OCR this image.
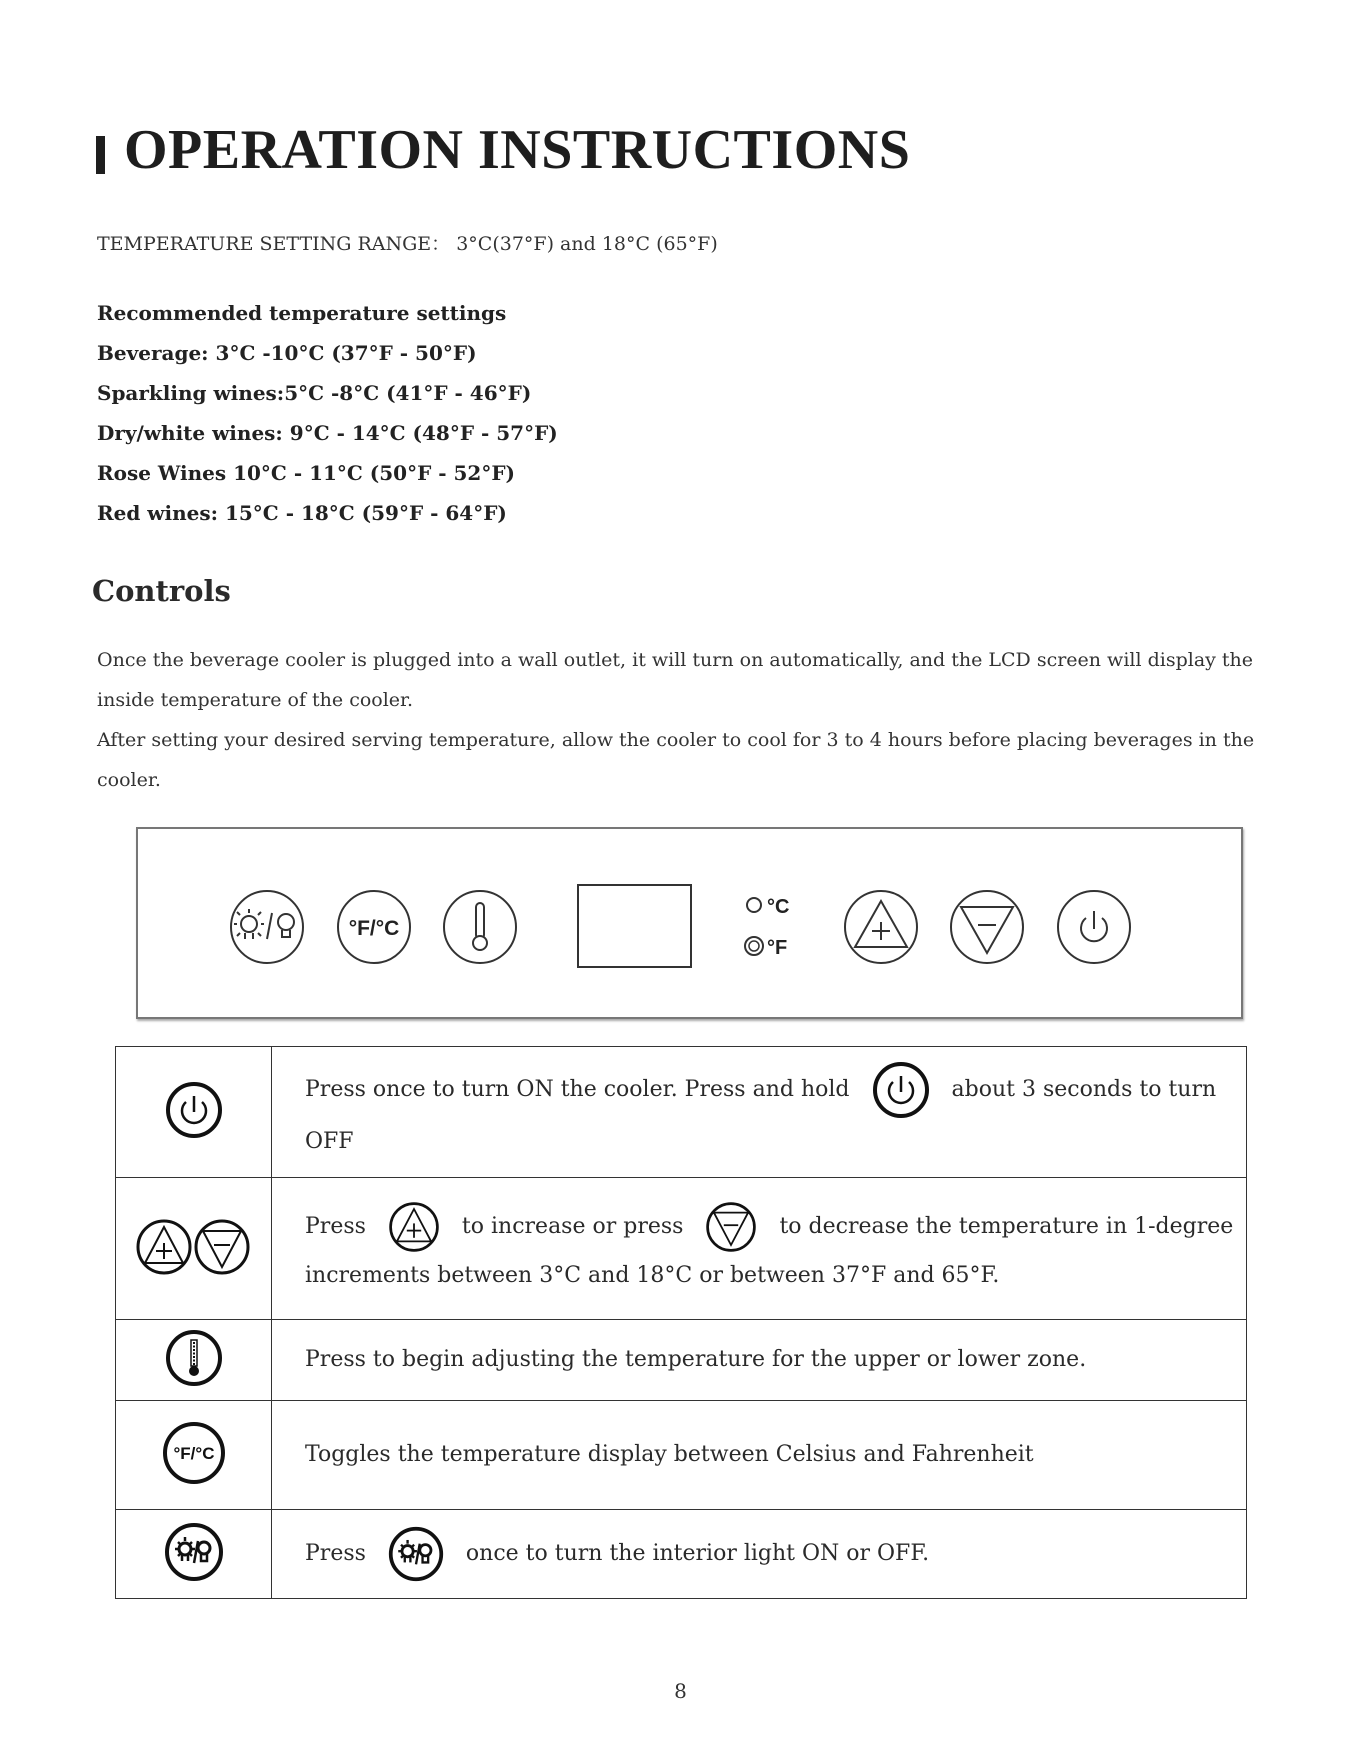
OPERATION INSTRUCTIONS
TEMPERATURE SETTING RANGE： 3°C(37°F) and 18°C (65°F)
Recommended temperature settings
Beverage: 3°C -10°C (37°F - 50°F)
Sparkling wines:5°C -8°C (41°F - 46°F)
Dry/white wines: 9°C - 14°C (48°F - 57°F)
Rose Wines 10°C - 11°C (50°F - 52°F)
Red wines: 15°C - 18°C (59°F - 64°F)
Controls

Once the beverage cooler is plugged into a wall outlet, it will turn on automatically, and the LCD screen will display the inside temperature of the cooler.

After setting your desired serving temperature, allow the cooler to cool for 3 to 4 hours before placing beverages in the cooler.

°F/°C
°C
°F
	Press once to turn ON the cooler. Press and hold about 3 seconds to turn OFF
	Press to increase or press to decrease the temperature in 1-degree increments between 3°C and 18°C or between 37°F and 65°F.
	Press to begin adjusting the temperature for the upper or lower zone.

°F/°C	Toggles the temperature display between Celsius and Fahrenheit
	Press once to turn the interior light ON or OFF.
8
